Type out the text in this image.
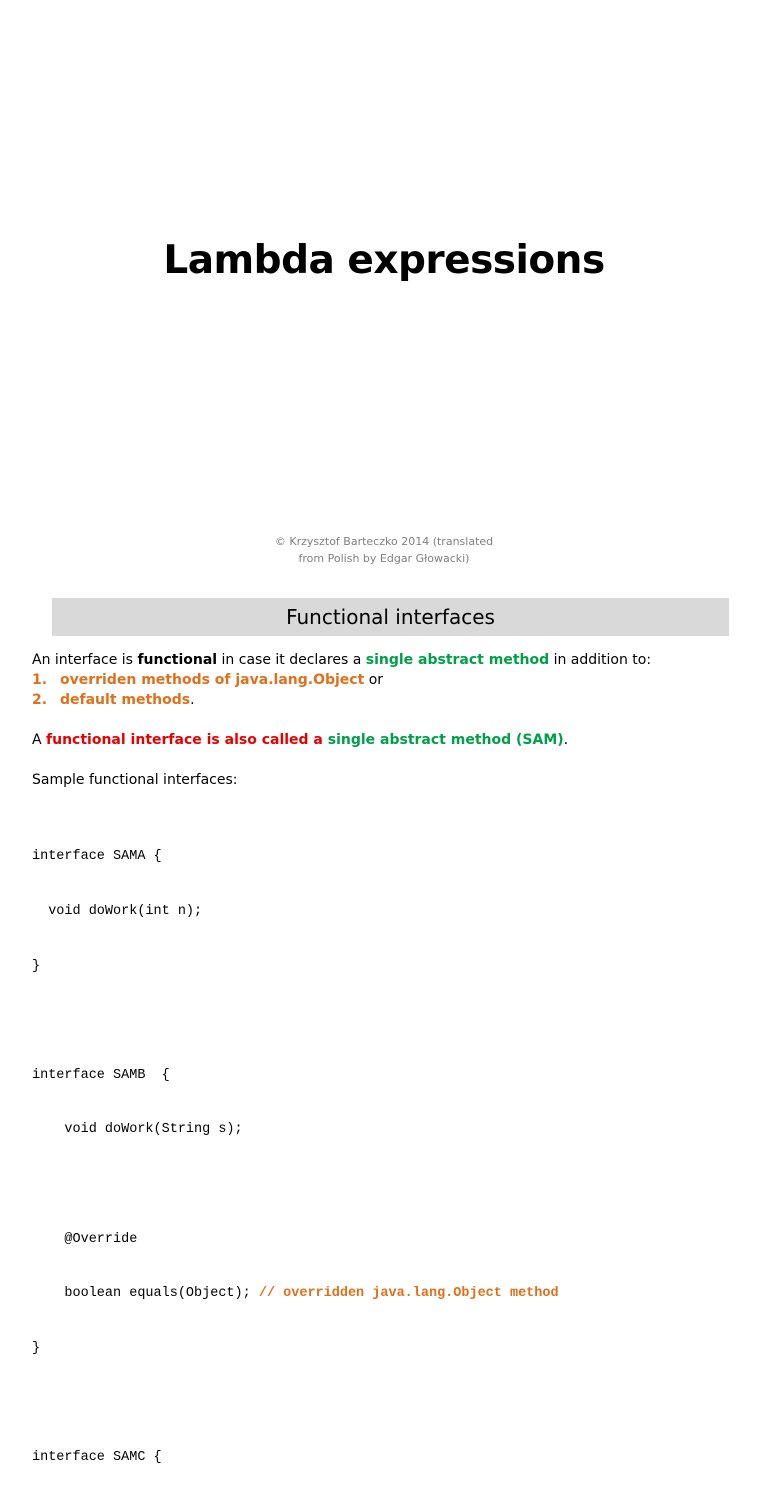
Lambda expressions
© Krzysztof Barteczko 2014 (translated
from Polish by Edgar Głowacki)
Functional interfaces
An interface is functional in case it declares a single abstract method in addition to:
1. overriden methods of java.lang.Object or
2. default methods.
A functional interface is also called a single abstract method (SAM).
Sample functional interfaces:

interface SAMA {

void doWork(int n);

}

interface SAMB  {

void doWork(String s);

@Override

boolean equals(Object); // overridden java.lang.Object method

}

interface SAMC {
